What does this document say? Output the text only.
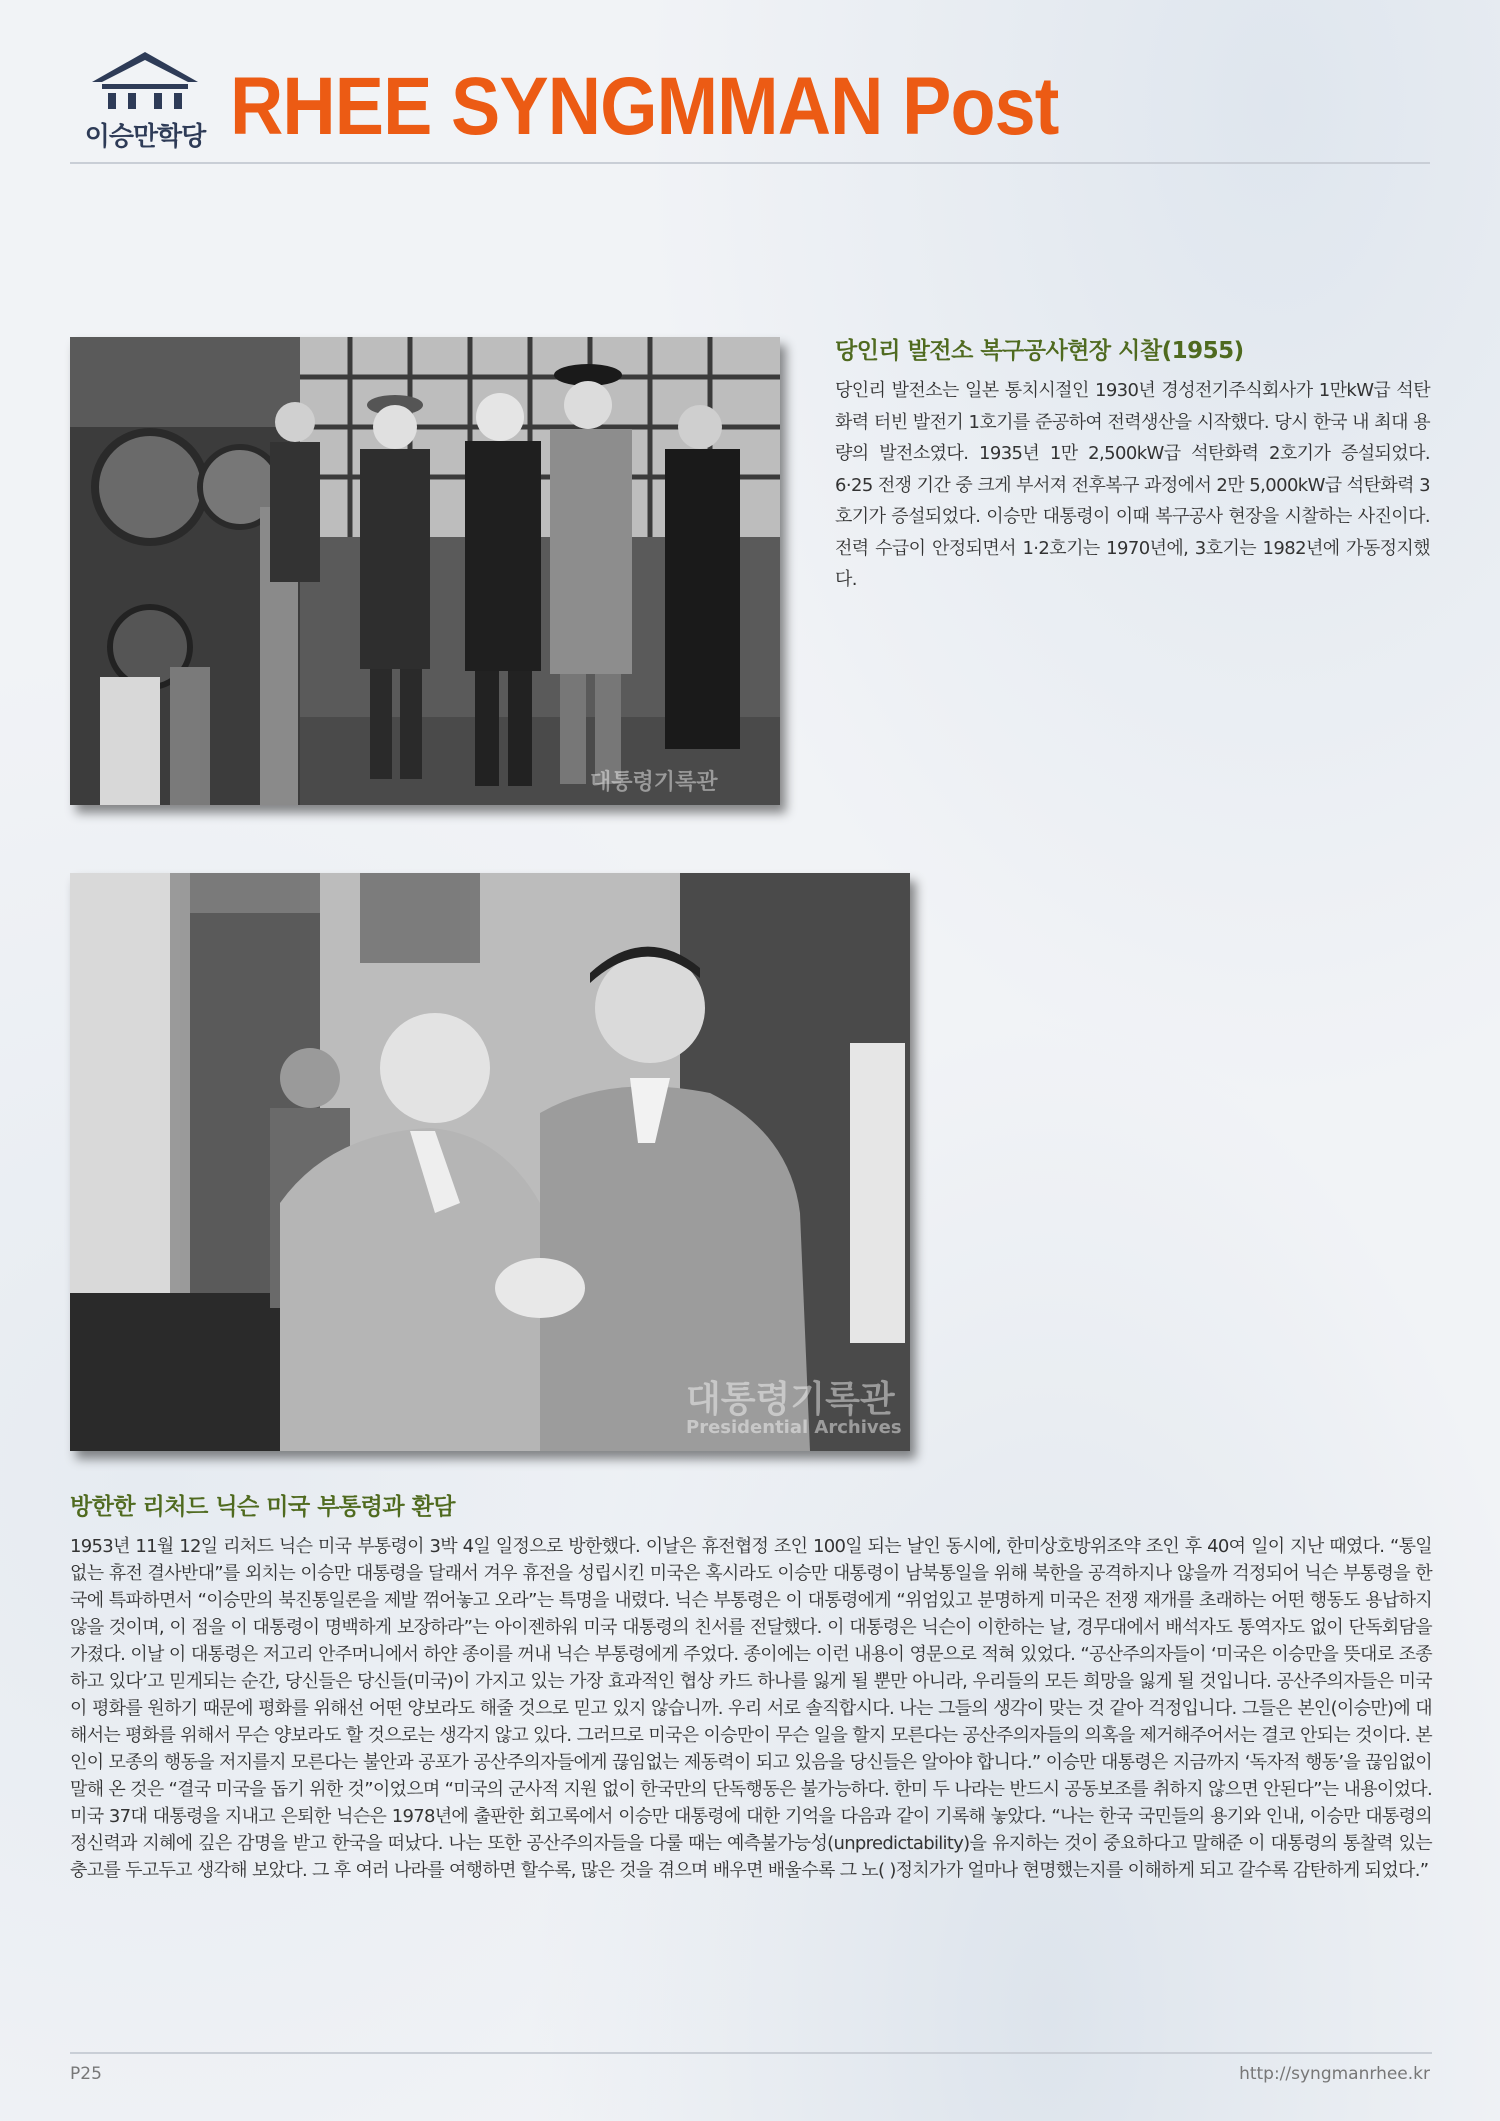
이승만학당 RHEE SYNGMMAN Post
대통령기록관
당인리 발전소 복구공사현장 시찰(1955)
당인리 발전소는 일본 통치시절인 1930년 경성전기주식회사가 1만kW급 석탄화력 터빈 발전기 1호기를 준공하여 전력생산을 시작했다. 당시 한국 내 최대 용량의 발전소였다. 1935년 1만 2,500kW급 석탄화력 2호기가 증설되었다. 6·25 전쟁 기간 중 크게 부서져 전후복구 과정에서 2만 5,000kW급 석탄화력 3호기가 증설되었다. 이승만 대통령이 이때 복구공사 현장을 시찰하는 사진이다. 전력 수급이 안정되면서 1·2호기는 1970년에, 3호기는 1982년에 가동정지했다.
대통령기록관
Presidential Archives
방한한 리처드 닉슨 미국 부통령과 환담
1953년 11월 12일 리처드 닉슨 미국 부통령이 3박 4일 일정으로 방한했다. 이날은 휴전협정 조인 100일 되는 날인 동시에, 한미상호방위조약 조인 후 40여 일이 지난 때였다. “통일 없는 휴전 결사반대”를 외치는 이승만 대통령을 달래서 겨우 휴전을 성립시킨 미국은 혹시라도 이승만 대통령이 남북통일을 위해 북한을 공격하지나 않을까 걱정되어 닉슨 부통령을 한국에 특파하면서 “이승만의 북진통일론을 제발 꺾어놓고 오라”는 특명을 내렸다. 닉슨 부통령은 이 대통령에게 “위엄있고 분명하게 미국은 전쟁 재개를 초래하는 어떤 행동도 용납하지 않을 것이며, 이 점을 이 대통령이 명백하게 보장하라”는 아이젠하워 미국 대통령의 친서를 전달했다. 이 대통령은 닉슨이 이한하는 날, 경무대에서 배석자도 통역자도 없이 단독회담을 가졌다. 이날 이 대통령은 저고리 안주머니에서 하얀 종이를 꺼내 닉슨 부통령에게 주었다. 종이에는 이런 내용이 영문으로 적혀 있었다. “공산주의자들이 ‘미국은 이승만을 뜻대로 조종하고 있다’고 믿게되는 순간, 당신들은 당신들(미국)이 가지고 있는 가장 효과적인 협상 카드 하나를 잃게 될 뿐만 아니라, 우리들의 모든 희망을 잃게 될 것입니다. 공산주의자들은 미국이 평화를 원하기 때문에 평화를 위해선 어떤 양보라도 해줄 것으로 믿고 있지 않습니까. 우리 서로 솔직합시다. 나는 그들의 생각이 맞는 것 같아 걱정입니다. 그들은 본인(이승만)에 대해서는 평화를 위해서 무슨 양보라도 할 것으로는 생각지 않고 있다. 그러므로 미국은 이승만이 무슨 일을 할지 모른다는 공산주의자들의 의혹을 제거해주어서는 결코 안되는 것이다. 본인이 모종의 행동을 저지를지 모른다는 불안과 공포가 공산주의자들에게 끊임없는 제동력이 되고 있음을 당신들은 알아야 합니다.” 이승만 대통령은 지금까지 ‘독자적 행동’을 끊임없이 말해 온 것은 “결국 미국을 돕기 위한 것”이었으며 “미국의 군사적 지원 없이 한국만의 단독행동은 불가능하다. 한미 두 나라는 반드시 공동보조를 취하지 않으면 안된다”는 내용이었다. 미국 37대 대통령을 지내고 은퇴한 닉슨은 1978년에 출판한 회고록에서 이승만 대통령에 대한 기억을 다음과 같이 기록해 놓았다. “나는 한국 국민들의 용기와 인내, 이승만 대통령의 정신력과 지혜에 깊은 감명을 받고 한국을 떠났다. 나는 또한 공산주의자들을 다룰 때는 예측불가능성(unpredictability)을 유지하는 것이 중요하다고 말해준 이 대통령의 통찰력 있는 충고를 두고두고 생각해 보았다. 그 후 여러 나라를 여행하면 할수록, 많은 것을 겪으며 배우면 배울수록 그 노( )정치가가 얼마나 현명했는지를 이해하게 되고 갈수록 감탄하게 되었다.”
P25	http://syngmanrhee.kr
